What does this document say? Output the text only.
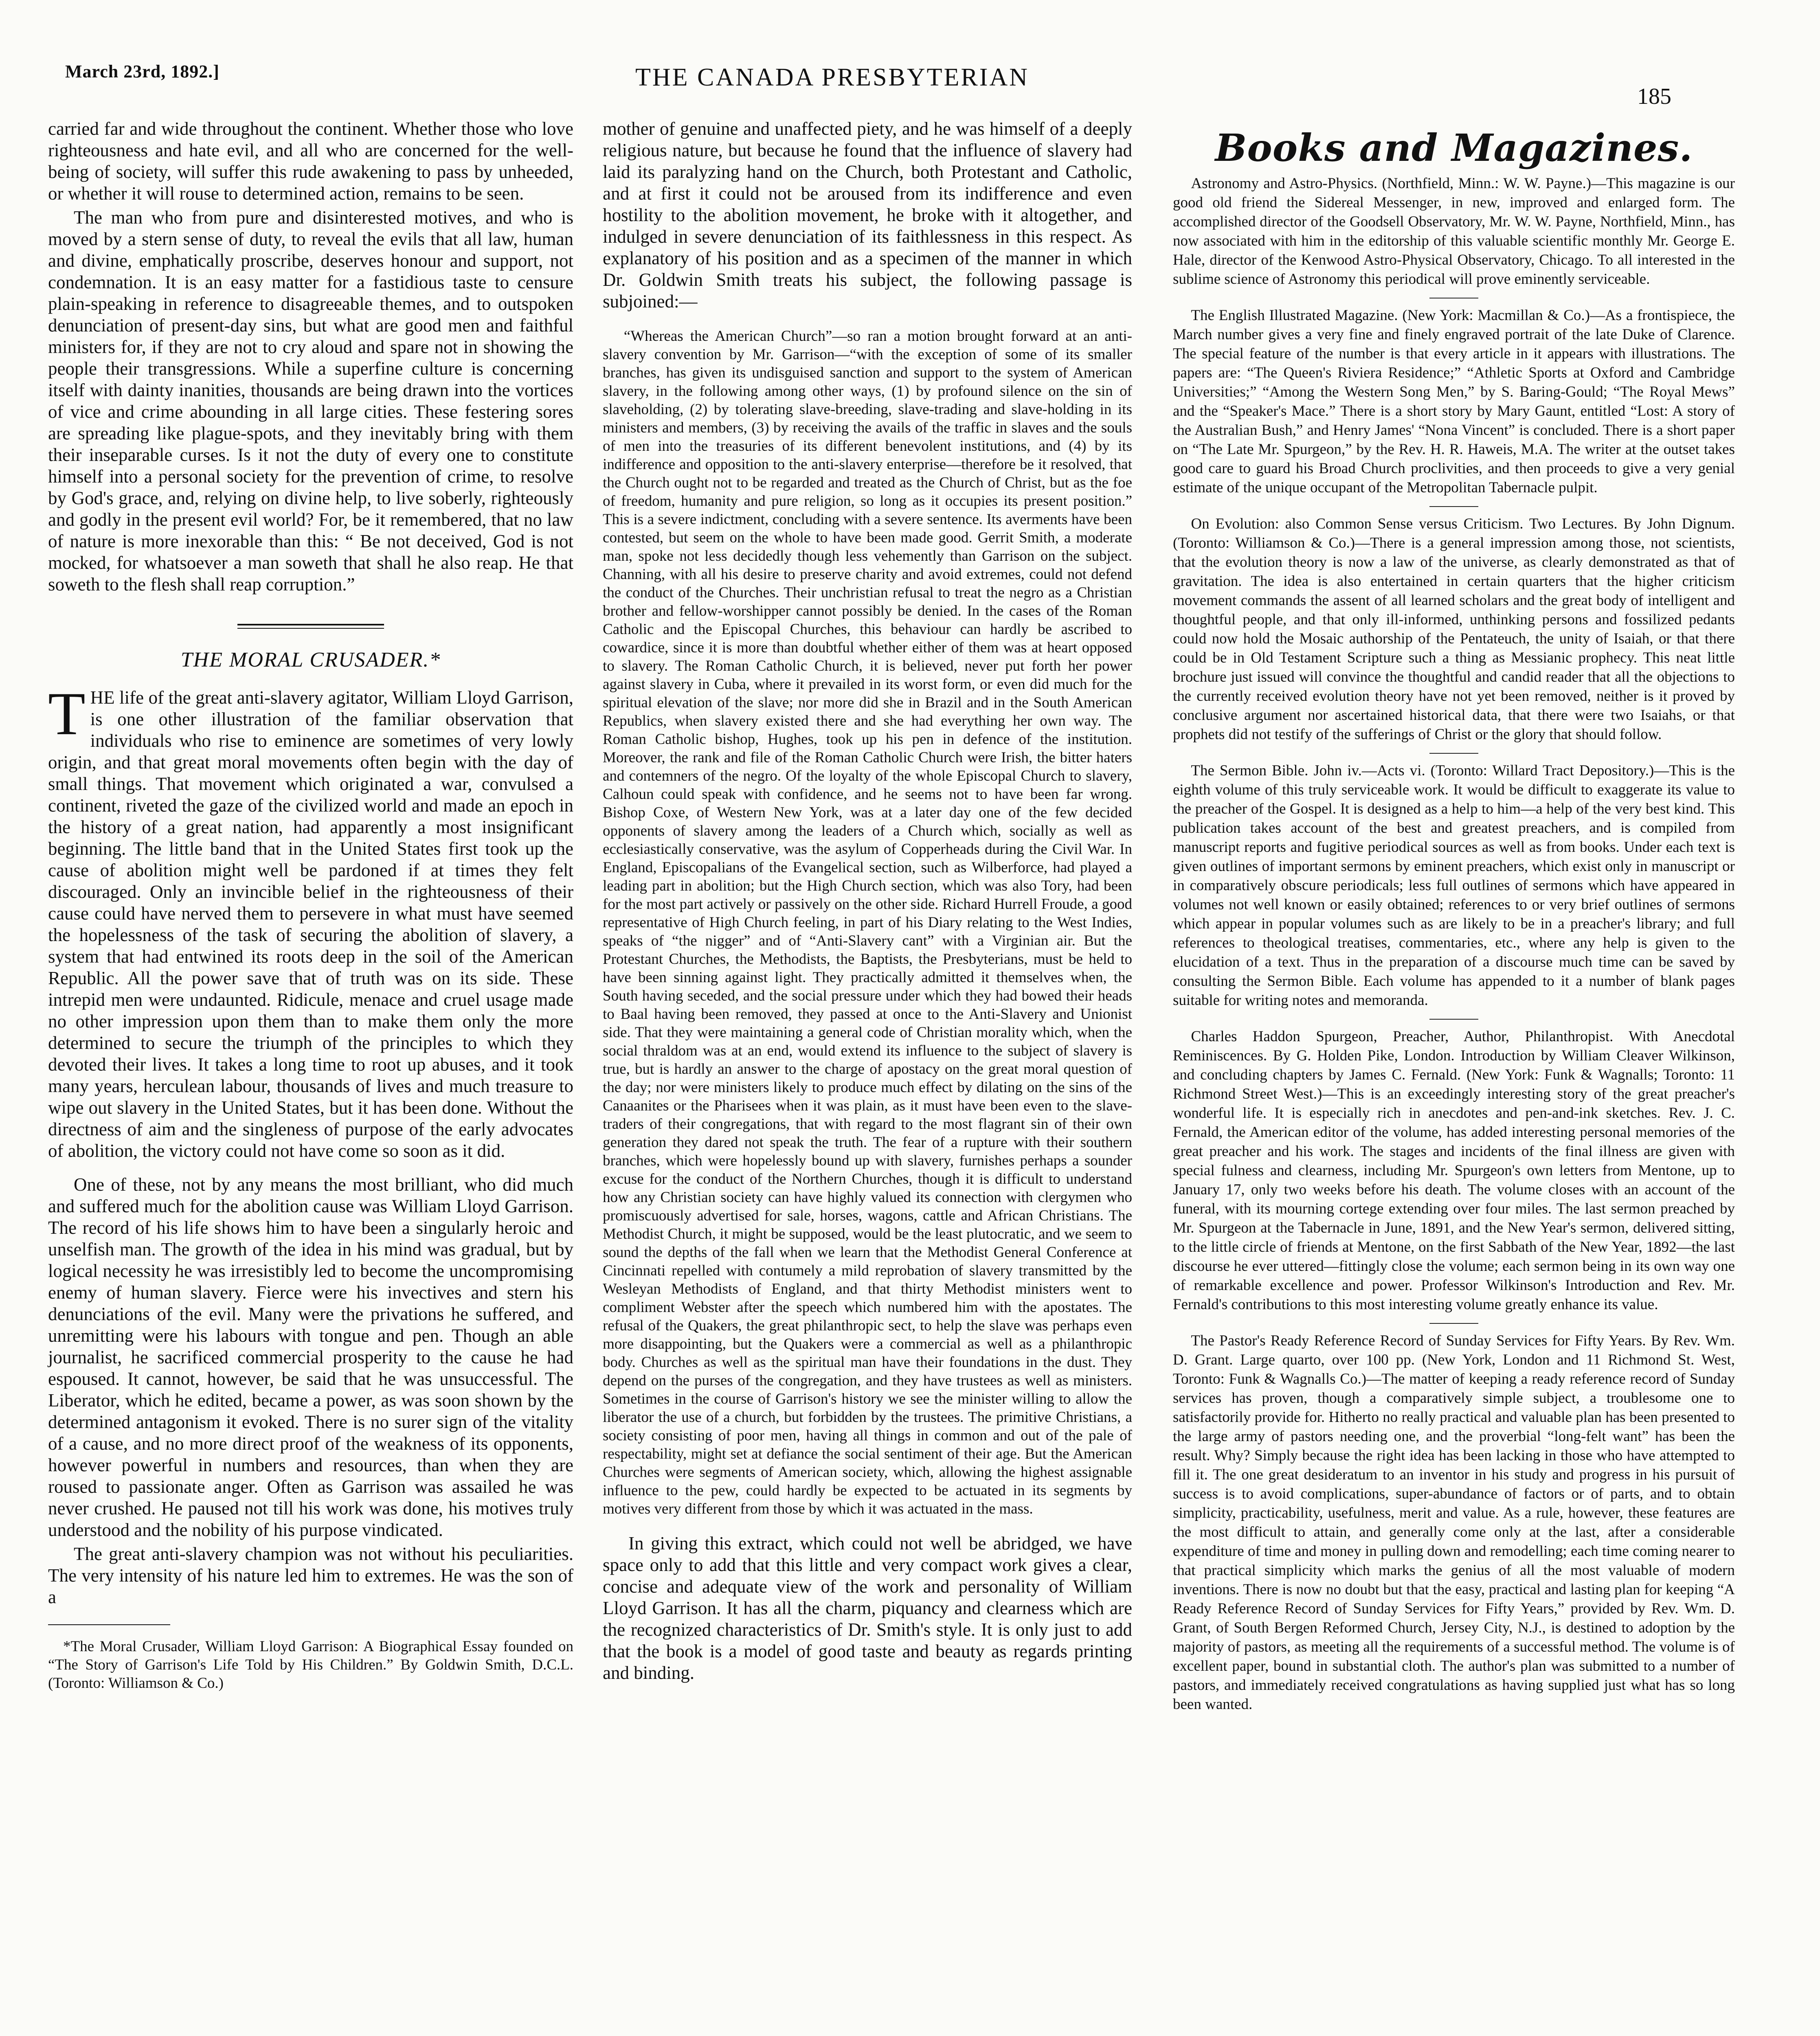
March 23rd, 1892.]	THE CANADA PRESBYTERIAN
185

carried far and wide throughout the continent. Whether those who love righteousness and hate evil, and all who are concerned for the well-being of society, will suffer this rude awakening to pass by unheeded, or whether it will rouse to determined action, remains to be seen.

The man who from pure and disinterested motives, and who is moved by a stern sense of duty, to reveal the evils that all law, human and divine, emphatically proscribe, deserves honour and support, not condemnation. It is an easy matter for a fastidious taste to censure plain-speaking in reference to disagreeable themes, and to outspoken denunciation of present-day sins, but what are good men and faithful ministers for, if they are not to cry aloud and spare not in showing the people their transgressions. While a superfine culture is concerning itself with dainty inanities, thousands are being drawn into the vortices of vice and crime abounding in all large cities. These festering sores are spreading like plague-spots, and they inevitably bring with them their inseparable curses. Is it not the duty of every one to constitute himself into a personal society for the prevention of crime, to resolve by God's grace, and, relying on divine help, to live soberly, righteously and godly in the present evil world? For, be it remembered, that no law of nature is more inexorable than this: “ Be not deceived, God is not mocked, for whatsoever a man soweth that shall he also reap. He that soweth to the flesh shall reap corruption.”

THE MORAL CRUSADER.*

THE life of the great anti-slavery agitator, William Lloyd Garrison, is one other illustration of the familiar observation that individuals who rise to eminence are sometimes of very lowly origin, and that great moral movements often begin with the day of small things. That movement which originated a war, convulsed a continent, riveted the gaze of the civilized world and made an epoch in the history of a great nation, had apparently a most insignificant beginning. The little band that in the United States first took up the cause of abolition might well be pardoned if at times they felt discouraged. Only an invincible belief in the righteousness of their cause could have nerved them to persevere in what must have seemed the hopelessness of the task of securing the abolition of slavery, a system that had entwined its roots deep in the soil of the American Republic. All the power save that of truth was on its side. These intrepid men were undaunted. Ridicule, menace and cruel usage made no other impression upon them than to make them only the more determined to secure the triumph of the principles to which they devoted their lives. It takes a long time to root up abuses, and it took many years, herculean labour, thousands of lives and much treasure to wipe out slavery in the United States, but it has been done. Without the directness of aim and the singleness of purpose of the early advocates of abolition, the victory could not have come so soon as it did.

One of these, not by any means the most brilliant, who did much and suffered much for the abolition cause was William Lloyd Garrison. The record of his life shows him to have been a singularly heroic and unselfish man. The growth of the idea in his mind was gradual, but by logical necessity he was irresistibly led to become the uncompromising enemy of human slavery. Fierce were his invectives and stern his denunciations of the evil. Many were the privations he suffered, and unremitting were his labours with tongue and pen. Though an able journalist, he sacrificed commercial prosperity to the cause he had espoused. It cannot, however, be said that he was unsuccessful. The Liberator, which he edited, became a power, as was soon shown by the determined antagonism it evoked. There is no surer sign of the vitality of a cause, and no more direct proof of the weakness of its opponents, however powerful in numbers and resources, than when they are roused to passionate anger. Often as Garrison was assailed he was never crushed. He paused not till his work was done, his motives truly understood and the nobility of his purpose vindicated.

The great anti-slavery champion was not without his peculiarities. The very intensity of his nature led him to extremes. He was the son of a

*The Moral Crusader, William Lloyd Garrison: A Biographical Essay founded on “The Story of Garrison's Life Told by His Children.” By Goldwin Smith, D.C.L. (Toronto: Williamson & Co.)

mother of genuine and unaffected piety, and he was himself of a deeply religious nature, but because he found that the influence of slavery had laid its paralyzing hand on the Church, both Protestant and Catholic, and at first it could not be aroused from its indifference and even hostility to the abolition movement, he broke with it altogether, and indulged in severe denunciation of its faithlessness in this respect. As explanatory of his position and as a specimen of the manner in which Dr. Goldwin Smith treats his subject, the following passage is subjoined:—

“Whereas the American Church”—so ran a motion brought forward at an anti-slavery convention by Mr. Garrison—“with the exception of some of its smaller branches, has given its undisguised sanction and support to the system of American slavery, in the following among other ways, (1) by profound silence on the sin of slaveholding, (2) by tolerating slave-breeding, slave-trading and slave-holding in its ministers and members, (3) by receiving the avails of the traffic in slaves and the souls of men into the treasuries of its different benevolent institutions, and (4) by its indifference and opposition to the anti-slavery enterprise—therefore be it resolved, that the Church ought not to be regarded and treated as the Church of Christ, but as the foe of freedom, humanity and pure religion, so long as it occupies its present position.” This is a severe indictment, concluding with a severe sentence. Its averments have been contested, but seem on the whole to have been made good. Gerrit Smith, a moderate man, spoke not less decidedly though less vehemently than Garrison on the subject. Channing, with all his desire to preserve charity and avoid extremes, could not defend the conduct of the Churches. Their unchristian refusal to treat the negro as a Christian brother and fellow-worshipper cannot possibly be denied. In the cases of the Roman Catholic and the Episcopal Churches, this behaviour can hardly be ascribed to cowardice, since it is more than doubtful whether either of them was at heart opposed to slavery. The Roman Catholic Church, it is believed, never put forth her power against slavery in Cuba, where it prevailed in its worst form, or even did much for the spiritual elevation of the slave; nor more did she in Brazil and in the South American Republics, when slavery existed there and she had everything her own way. The Roman Catholic bishop, Hughes, took up his pen in defence of the institution. Moreover, the rank and file of the Roman Catholic Church were Irish, the bitter haters and contemners of the negro. Of the loyalty of the whole Episcopal Church to slavery, Calhoun could speak with confidence, and he seems not to have been far wrong. Bishop Coxe, of Western New York, was at a later day one of the few decided opponents of slavery among the leaders of a Church which, socially as well as ecclesiastically conservative, was the asylum of Copperheads during the Civil War. In England, Episcopalians of the Evangelical section, such as Wilberforce, had played a leading part in abolition; but the High Church section, which was also Tory, had been for the most part actively or passively on the other side. Richard Hurrell Froude, a good representative of High Church feeling, in part of his Diary relating to the West Indies, speaks of “the nigger” and of “Anti-Slavery cant” with a Virginian air. But the Protestant Churches, the Methodists, the Baptists, the Presbyterians, must be held to have been sinning against light. They practically admitted it themselves when, the South having seceded, and the social pressure under which they had bowed their heads to Baal having been removed, they passed at once to the Anti-Slavery and Unionist side. That they were maintaining a general code of Christian morality which, when the social thraldom was at an end, would extend its influence to the subject of slavery is true, but is hardly an answer to the charge of apostacy on the great moral question of the day; nor were ministers likely to produce much effect by dilating on the sins of the Canaanites or the Pharisees when it was plain, as it must have been even to the slave-traders of their congregations, that with regard to the most flagrant sin of their own generation they dared not speak the truth. The fear of a rupture with their southern branches, which were hopelessly bound up with slavery, furnishes perhaps a sounder excuse for the conduct of the Northern Churches, though it is difficult to understand how any Christian society can have highly valued its connection with clergymen who promiscuously advertised for sale, horses, wagons, cattle and African Christians. The Methodist Church, it might be supposed, would be the least plutocratic, and we seem to sound the depths of the fall when we learn that the Methodist General Conference at Cincinnati repelled with contumely a mild reprobation of slavery transmitted by the Wesleyan Methodists of England, and that thirty Methodist ministers went to compliment Webster after the speech which numbered him with the apostates. The refusal of the Quakers, the great philanthropic sect, to help the slave was perhaps even more disappointing, but the Quakers were a commercial as well as a philanthropic body. Churches as well as the spiritual man have their foundations in the dust. They depend on the purses of the congregation, and they have trustees as well as ministers. Sometimes in the course of Garrison's history we see the minister willing to allow the liberator the use of a church, but forbidden by the trustees. The primitive Christians, a society consisting of poor men, having all things in common and out of the pale of respectability, might set at defiance the social sentiment of their age. But the American Churches were segments of American society, which, allowing the highest assignable influence to the pew, could hardly be expected to be actuated in its segments by motives very different from those by which it was actuated in the mass.

In giving this extract, which could not well be abridged, we have space only to add that this little and very compact work gives a clear, concise and adequate view of the work and personality of William Lloyd Garrison. It has all the charm, piquancy and clearness which are the recognized characteristics of Dr. Smith's style. It is only just to add that the book is a model of good taste and beauty as regards printing and binding.

Books and Magazines.

Astronomy and Astro-Physics. (Northfield, Minn.: W. W. Payne.)—This magazine is our good old friend the Sidereal Messenger, in new, improved and enlarged form. The accomplished director of the Goodsell Observatory, Mr. W. W. Payne, Northfield, Minn., has now associated with him in the editorship of this valuable scientific monthly Mr. George E. Hale, director of the Kenwood Astro-Physical Observatory, Chicago. To all interested in the sublime science of Astronomy this periodical will prove eminently serviceable.

The English Illustrated Magazine. (New York: Macmillan & Co.)—As a frontispiece, the March number gives a very fine and finely engraved portrait of the late Duke of Clarence. The special feature of the number is that every article in it appears with illustrations. The papers are: “The Queen's Riviera Residence;” “Athletic Sports at Oxford and Cambridge Universities;” “Among the Western Song Men,” by S. Baring-Gould; “The Royal Mews” and the “Speaker's Mace.” There is a short story by Mary Gaunt, entitled “Lost: A story of the Australian Bush,” and Henry James' “Nona Vincent” is concluded. There is a short paper on “The Late Mr. Spurgeon,” by the Rev. H. R. Haweis, M.A. The writer at the outset takes good care to guard his Broad Church proclivities, and then proceeds to give a very genial estimate of the unique occupant of the Metropolitan Tabernacle pulpit.

On Evolution: also Common Sense versus Criticism. Two Lectures. By John Dignum. (Toronto: Williamson & Co.)—There is a general impression among those, not scientists, that the evolution theory is now a law of the universe, as clearly demonstrated as that of gravitation. The idea is also entertained in certain quarters that the higher criticism movement commands the assent of all learned scholars and the great body of intelligent and thoughtful people, and that only ill-informed, unthinking persons and fossilized pedants could now hold the Mosaic authorship of the Pentateuch, the unity of Isaiah, or that there could be in Old Testament Scripture such a thing as Messianic prophecy. This neat little brochure just issued will convince the thoughtful and candid reader that all the objections to the currently received evolution theory have not yet been removed, neither is it proved by conclusive argument nor ascertained historical data, that there were two Isaiahs, or that prophets did not testify of the sufferings of Christ or the glory that should follow.

The Sermon Bible. John iv.—Acts vi. (Toronto: Willard Tract Depository.)—This is the eighth volume of this truly serviceable work. It would be difficult to exaggerate its value to the preacher of the Gospel. It is designed as a help to him—a help of the very best kind. This publication takes account of the best and greatest preachers, and is compiled from manuscript reports and fugitive periodical sources as well as from books. Under each text is given outlines of important sermons by eminent preachers, which exist only in manuscript or in comparatively obscure periodicals; less full outlines of sermons which have appeared in volumes not well known or easily obtained; references to or very brief outlines of sermons which appear in popular volumes such as are likely to be in a preacher's library; and full references to theological treatises, commentaries, etc., where any help is given to the elucidation of a text. Thus in the preparation of a discourse much time can be saved by consulting the Sermon Bible. Each volume has appended to it a number of blank pages suitable for writing notes and memoranda.

Charles Haddon Spurgeon, Preacher, Author, Philanthropist. With Anecdotal Reminiscences. By G. Holden Pike, London. Introduction by William Cleaver Wilkinson, and concluding chapters by James C. Fernald. (New York: Funk & Wagnalls; Toronto: 11 Richmond Street West.)—This is an exceedingly interesting story of the great preacher's wonderful life. It is especially rich in anecdotes and pen-and-ink sketches. Rev. J. C. Fernald, the American editor of the volume, has added interesting personal memories of the great preacher and his work. The stages and incidents of the final illness are given with special fulness and clearness, including Mr. Spurgeon's own letters from Mentone, up to January 17, only two weeks before his death. The volume closes with an account of the funeral, with its mourning cortege extending over four miles. The last sermon preached by Mr. Spurgeon at the Tabernacle in June, 1891, and the New Year's sermon, delivered sitting, to the little circle of friends at Mentone, on the first Sabbath of the New Year, 1892—the last discourse he ever uttered—fittingly close the volume; each sermon being in its own way one of remarkable excellence and power. Professor Wilkinson's Introduction and Rev. Mr. Fernald's contributions to this most interesting volume greatly enhance its value.

The Pastor's Ready Reference Record of Sunday Services for Fifty Years. By Rev. Wm. D. Grant. Large quarto, over 100 pp. (New York, London and 11 Richmond St. West, Toronto: Funk & Wagnalls Co.)—The matter of keeping a ready reference record of Sunday services has proven, though a comparatively simple subject, a troublesome one to satisfactorily provide for. Hitherto no really practical and valuable plan has been presented to the large army of pastors needing one, and the proverbial “long-felt want” has been the result. Why? Simply because the right idea has been lacking in those who have attempted to fill it. The one great desideratum to an inventor in his study and progress in his pursuit of success is to avoid complications, super-abundance of factors or of parts, and to obtain simplicity, practicability, usefulness, merit and value. As a rule, however, these features are the most difficult to attain, and generally come only at the last, after a considerable expenditure of time and money in pulling down and remodelling; each time coming nearer to that practical simplicity which marks the genius of all the most valuable of modern inventions. There is now no doubt but that the easy, practical and lasting plan for keeping “A Ready Reference Record of Sunday Services for Fifty Years,” provided by Rev. Wm. D. Grant, of South Bergen Reformed Church, Jersey City, N.J., is destined to adoption by the majority of pastors, as meeting all the requirements of a successful method. The volume is of excellent paper, bound in substantial cloth. The author's plan was submitted to a number of pastors, and immediately received congratulations as having supplied just what has so long been wanted.
